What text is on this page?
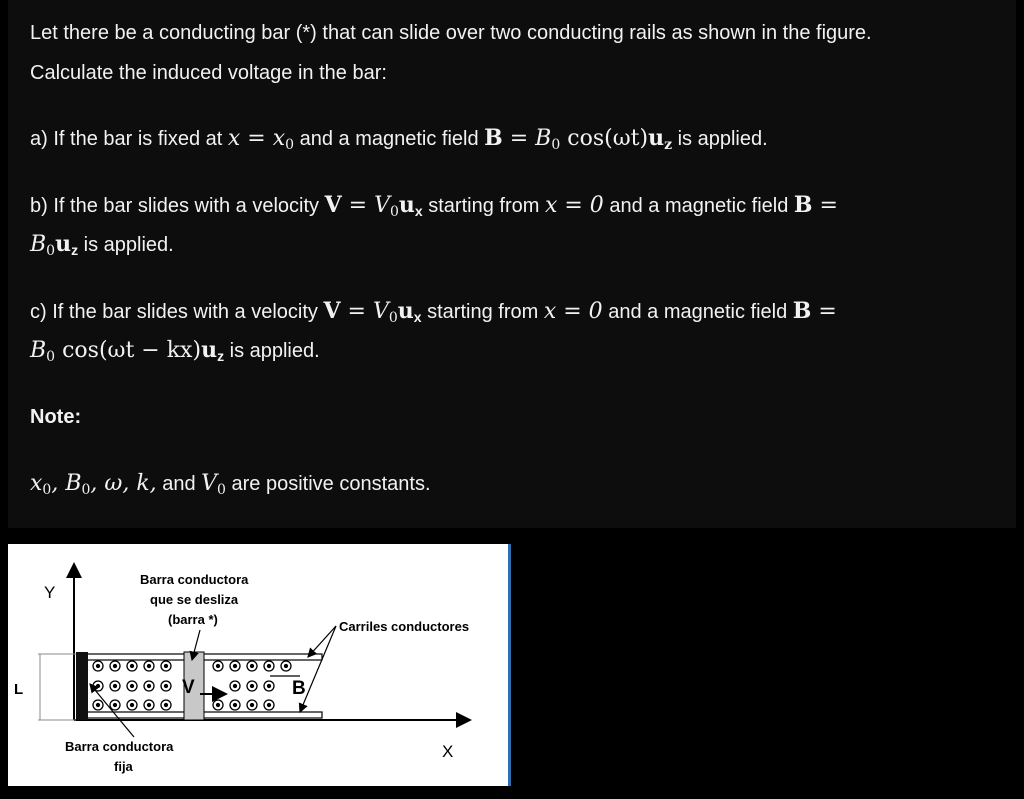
Let there be a conducting bar (*) that can slide over two conducting rails as shown in the figure.
Calculate the induced voltage in the bar:
a) If the bar is fixed at $x = x_0$ and a magnetic field $B = B_0$ cos(ωt)uz is applied.
b) If the bar slides with a velocity $V = V_0u_x$ starting from x = 0 and a magnetic field B =
$B_0u_z$ is applied.
c) If the bar slides with a velocity $V = V_0u_x$ starting from x = 0 and a magnetic field B =
$B_0$ $\cos(\omega t - kx)u_z$ is applied.
Note:
$x_0$, $B_0$, ω, k, and $V_0$ are positive constants.
Y
X
L	V	B
Barra conductora
que se desliza
(barra *)	Carriles conductores
Barra conductora
fija
